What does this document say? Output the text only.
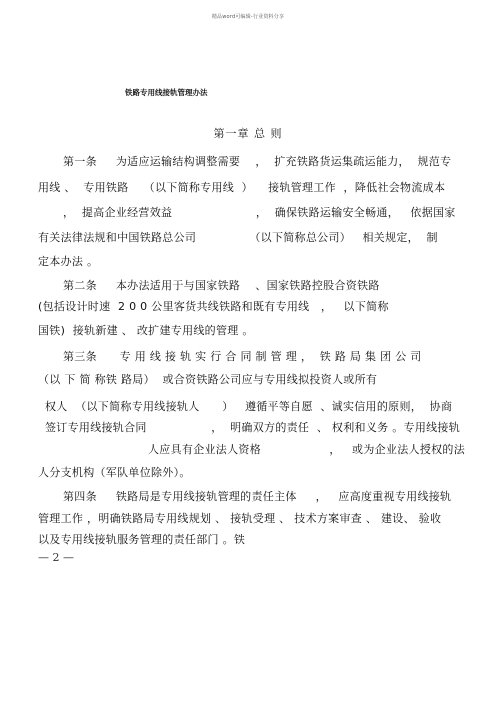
精品word可编辑-行业资料分享
铁路专用线接轨管理办法
第一章 总 则
第一条     为适应运输结构调整需要    ，  扩充铁路货运集疏运能力，  规范专
用线 、  专用铁路    （以下简称专用线  ）    接轨管理工作  ，降低社会物流成本
，  提高企业经营效益                      ，  确保铁路运输安全畅通，   依据国家
有关法律法规和中国铁路总公司              （以下简称总公司）   相关规定，  制
定本办法 。
第二条     本办法适用于与国家铁路    、国家铁路控股合资铁路
(包括设计时速  2 0 0 公里客货共线铁路和既有专用线   ，   以下简称
国铁)  接轨新建 、 改扩建专用线的管理 。
第三条      专 用 线 接 轨 实 行 合 同 制 管 理 ，  铁 路 局 集 团 公 司
（以 下 简 称铁 路局）  或合资铁路公司应与专用线拟投资人或所有
权人  （以下简称专用线接轨人      ）   遵循平等自愿  、诚实信用的原则，  协商
签订专用线接轨合同                 ，  明确双方的责任  、 权利和义务 。专用线接轨
人应具有企业法人资格                  ，   或为企业法人授权的法
人分支机构（军队单位除外）。
第四条     铁路局是专用线接轨管理的责任主体     ，   应高度重视专用线接轨
管理工作 ，明确铁路局专用线规划 、 接轨受理 、 技术方案审查 、 建设、 验收
以及专用线接轨服务管理的责任部门 。铁
— 2 —
